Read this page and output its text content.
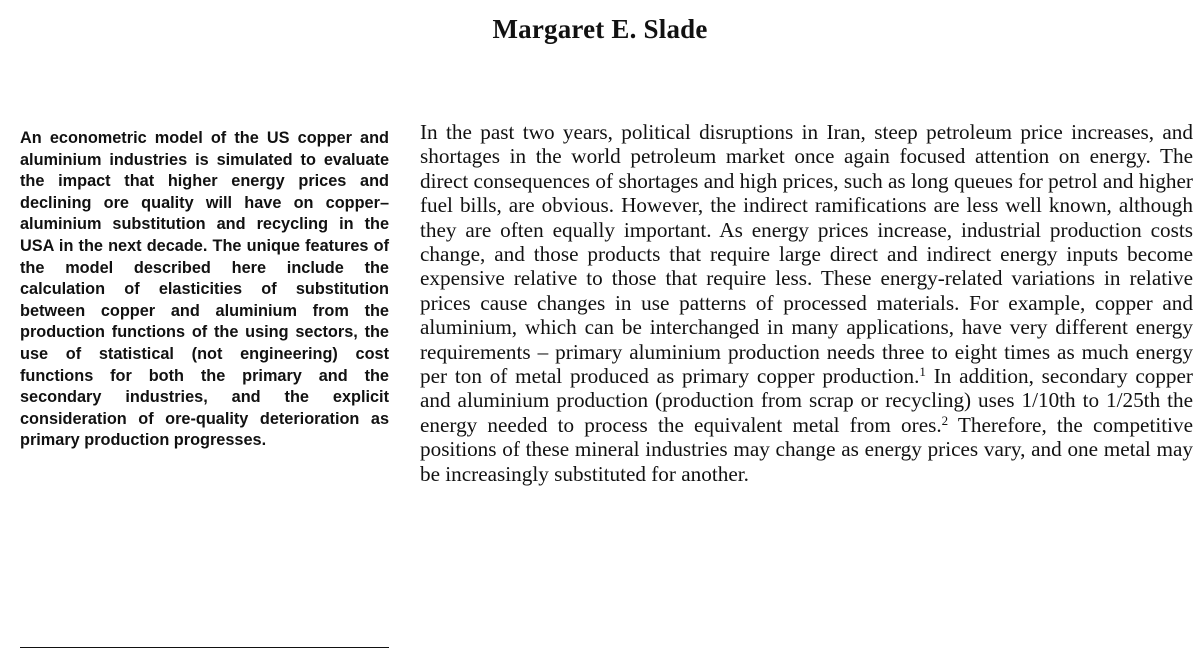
Margaret E. Slade

An econometric model of the US copper and aluminium industries is simulated to evaluate the impact that higher energy prices and declining ore quality will have on copper–aluminium substitution and recycling in the USA in the next decade. The unique features of the model described here include the calculation of elasticities of substitution between copper and aluminium from the production functions of the using sectors, the use of statistical (not engineering) cost functions for both the primary and the secondary industries, and the explicit consideration of ore-quality deterioration as primary production progresses.

In the past two years, political disruptions in Iran, steep petroleum price increases, and shortages in the world petroleum market once again focused attention on energy. The direct consequences of shortages and high prices, such as long queues for petrol and higher fuel bills, are obvious. However, the indirect ramifications are less well known, although they are often equally important. As energy prices increase, industrial production costs change, and those products that require large direct and indirect energy inputs become expensive relative to those that require less. These energy-related variations in relative prices cause changes in use patterns of processed materials. For example, copper and aluminium, which can be interchanged in many applications, have very different energy requirements – primary aluminium production needs three to eight times as much energy per ton of metal produced as primary copper production.$^1$ In addition, secondary copper and aluminium production (production from scrap or recycling) uses 1/10th to 1/25th the energy needed to process the equivalent metal from ores.$^2$ Therefore, the competitive positions of these mineral industries may change as energy prices vary, and one metal may be increasingly substituted for another.
